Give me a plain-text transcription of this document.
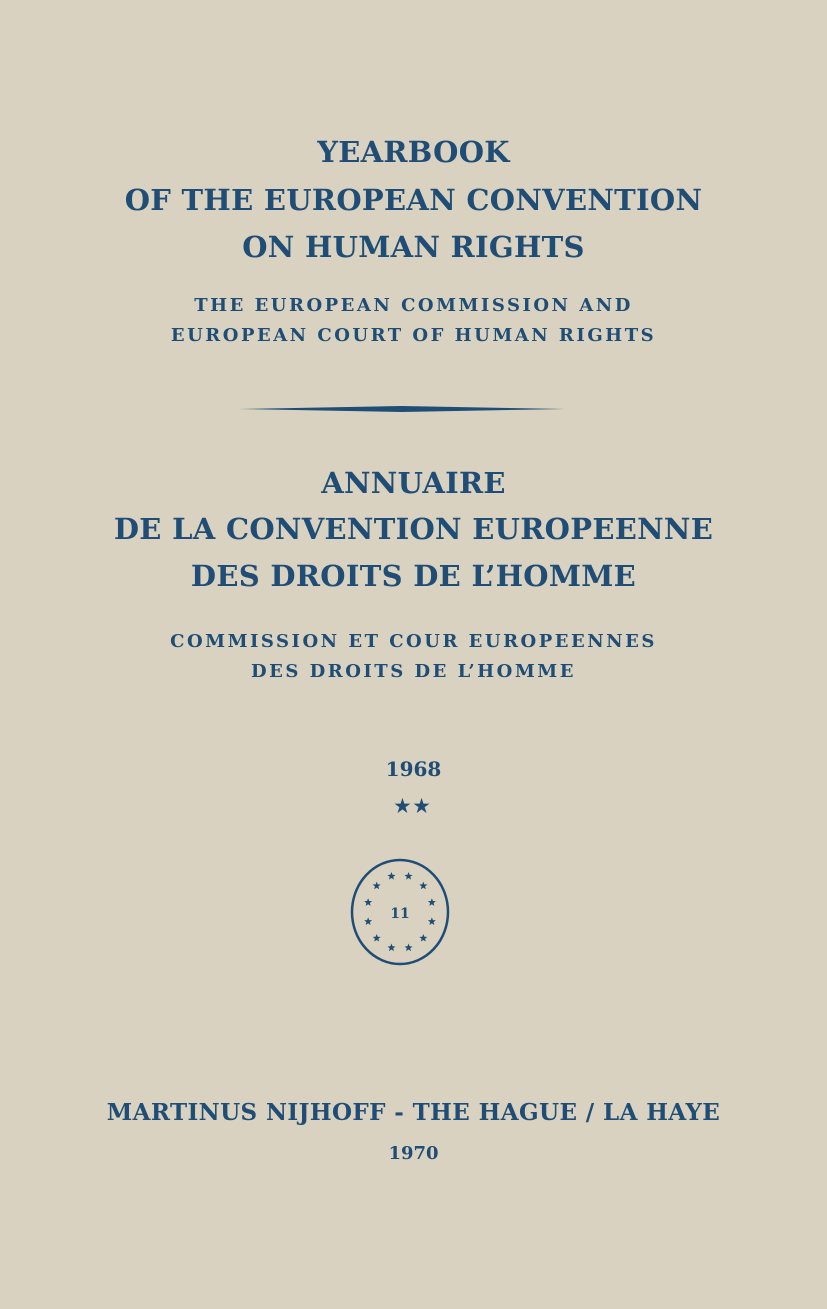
YEARBOOK
OF THE EUROPEAN CONVENTION
ON HUMAN RIGHTS
THE EUROPEAN COMMISSION AND
EUROPEAN COURT OF HUMAN RIGHTS
ANNUAIRE
DE LA CONVENTION EUROPEENNE
DES DROITS DE L’HOMME
COMMISSION ET COUR EUROPEENNES
DES DROITS DE L’HOMME
1968
★★
11
MARTINUS NIJHOFF - THE HAGUE / LA HAYE
1970
